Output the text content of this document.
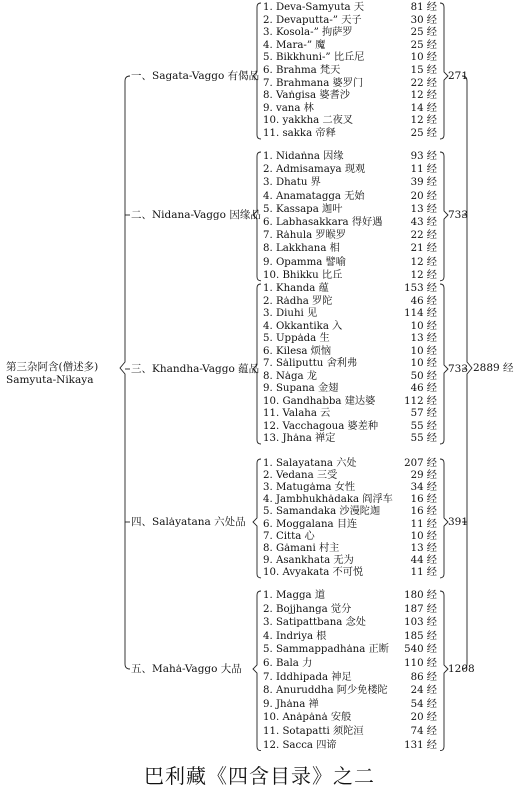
第三杂阿含(僧述多)
Samyuta-Nikaya
2889 经
一、Sagata-Vaggo 有偈品	271
1. Deva-Samyuta 天	81 经
2. Devaputta-” 天子	30 经
3. Kosola-” 拘萨罗	25 经
4. Mara-” 魔	25 经
5. Bikkhuni-” 比丘尼	10 经
6. Brahma 梵天	15 经
7. Brahmana 婆罗门	22 经
8. Vaṅgisa 婆耆沙	12 经
9. vana 林	14 经
10. yakkha 二夜叉	12 经
11. sakka 帝释	25 经
二、Nidana-Vaggo 因缘品	733
1. Nidaṅna 因缘	93 经
2. Admisamaya 现观	11 经
3. Dhatu 界	39 经
4. Anamatagga 无始	20 经
5. Kassapa 迦叶	13 经
6. Labhasakkara 得好遇	43 经
7. Rȧhula 罗睺罗	22 经
8. Lakkhana 相	21 经
9. Opamma 譬喻	12 经
10. Bhikku 比丘	12 经
三、Khandha-Vaggo 蕴品	733
1. Khanda 蕴	153 经
2. Rȧdha 罗陀	46 经
3. Diuhi 见	114 经
4. Okkantika 入	10 经
5. Uppȧda 生	13 经
6. Kilesa 烦恼	10 经
7. Sȧliputtu 舍利弗	10 经
8. Nȧga 龙	50 经
9. Supana 金翅	46 经
10. Gandhabba 建达婆	112 经
11. Valaha 云	57 经
12. Vacchagoua 婆差种	55 经
13. Jhȧna 禅定	55 经
四、Salȧyatana 六处品	391
1. Salayatana 六处	207 经
2. Vedana 三受	29 经
3. Matugȧma 女性	34 经
4. Jambhukhȧdaka 阎浮车	16 经
5. Samandaka 沙漫陀迦	16 经
6. Moggalana 目连	11 经
7. Citta 心	10 经
8. Gȧmani 村主	13 经
9. Asankhata 无为	44 经
10. Avyakata 不可悦	11 经
五、Mahȧ-Vaggo 大品	1208
1. Magga 道	180 经
2. Bojjhanga 觉分	187 经
3. Satipattbana 念处	103 经
4. Indriya 根	185 经
5. Sammappadhȧna 正断	540 经
6. Bala 力	110 经
7. Iddhipada 神足	86 经
8. Anuruddha 阿少免楼陀	24 经
9. Jhȧna 禅	54 经
10. Anȧpȧnȧ 安般	20 经
11. Sotapatti 须陀洹	74 经
12. Sacca 四谛	131 经
巴利藏《四含目录》之二
